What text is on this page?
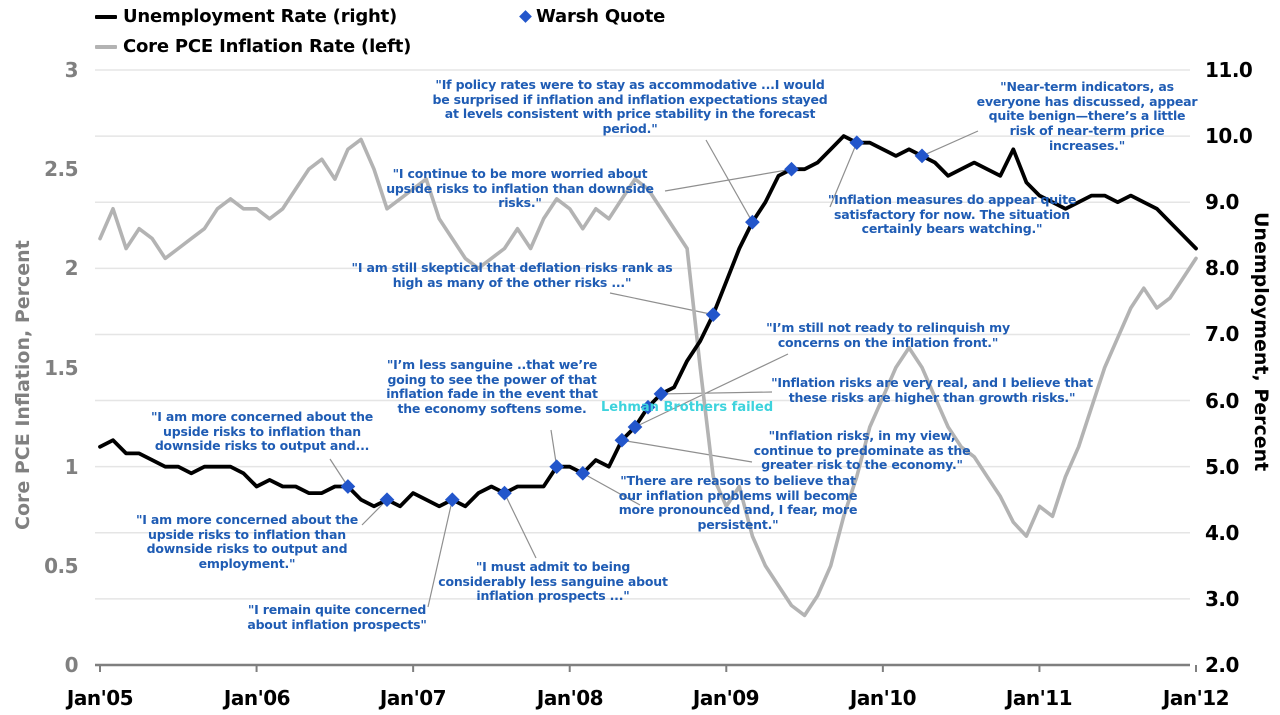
Unemployment Rate (right)	Warsh Quote
Core PCE Inflation Rate (left)
Core PCE Inflation, Percent	Unemployment, Percent
3
2.5
2
1.5
1
0.5
0
11.0
10.0
9.0
8.0
7.0
6.0
5.0
4.0
3.0
2.0
Jan'05	Jan'06	Jan'07	Jan'08	Jan'09	Jan'10	Jan'11	Jan'12
"I am more concerned about the upside risks to inflation than downside risks to output and...
"I am more concerned about the upside risks to inflation than downside risks to output and employment."
"I remain quite concerned about inflation prospects"
"I must admit to being considerably less sanguine about inflation prospects ..."
"I’m less sanguine ..that we’re going to see the power of that inflation fade in the event that the economy softens some.
"There are reasons to believe that our inflation problems will become more pronounced and, I fear, more persistent."
"Inflation risks, in my view, continue to predominate as the greater risk to the economy."
"I’m still not ready to relinquish my concerns on the inflation front."
"Inflation risks are very real, and I believe that these risks are higher than growth risks."
"I am still skeptical that deflation risks rank as high as many of the other risks ..."
"If policy rates were to stay as accommodative ...I would be surprised if inflation and inflation expectations stayed at levels consistent with price stability in the forecast period."
"I continue to be more worried about upside risks to inflation than downside risks."	"Inflation measures do appear quite satisfactory for now. The situation certainly bears watching."
"Near-term indicators, as everyone has discussed, appear quite benign—there’s a little risk of near-term price increases."
Lehman Brothers failed
